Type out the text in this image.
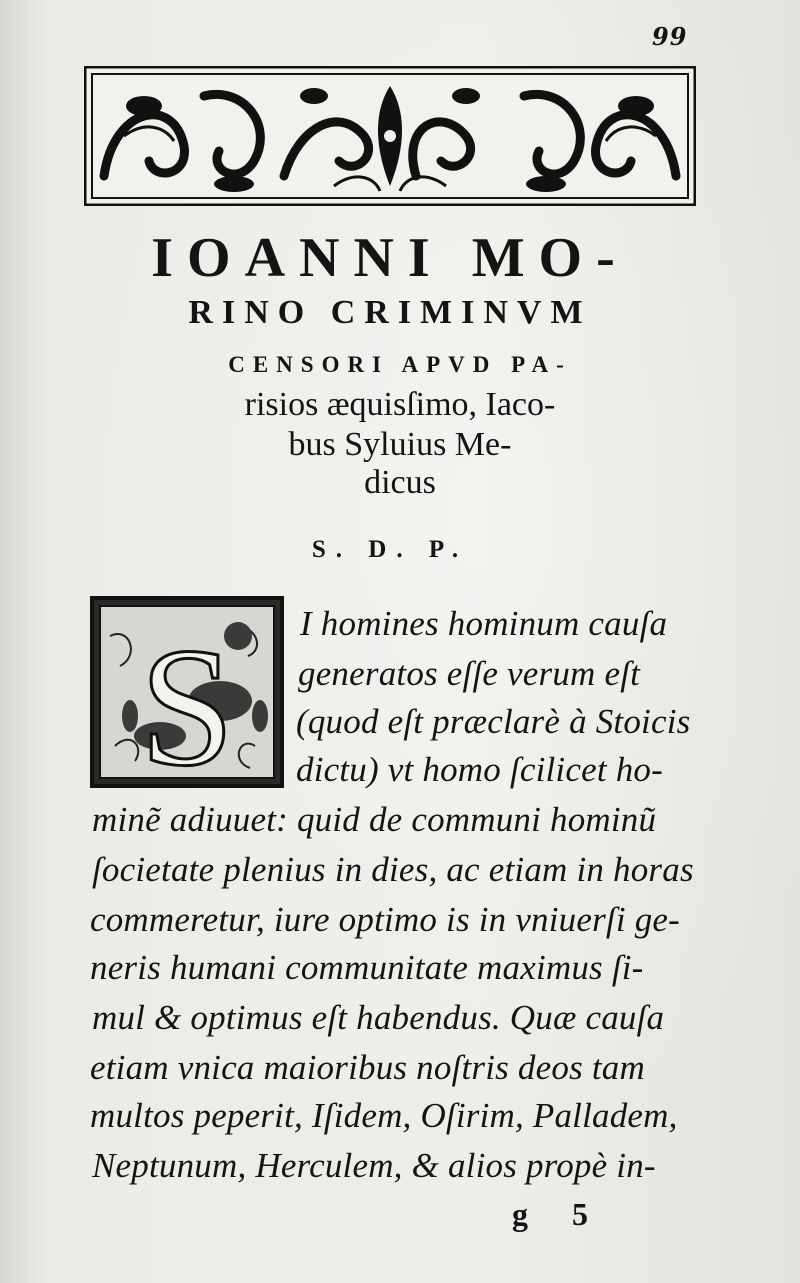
99
IOANNI MO-
RINO CRIMINVM
CENSORI APVD PA-
risios æquisſimo, Iaco-
bus Syluius Me-
dicus
S. D. P.
S I homines hominum cauſa
generatos eſſe verum eſt
(quod eſt præclarè à Stoicis
dictu) vt homo ſcilicet ho-
minẽ adiuuet: quid de communi hominũ
ſocietate plenius in dies, ac etiam in horas
commeretur, iure optimo is in vniuerſi ge-
neris humani communitate maximus ſi-
mul & optimus eſt habendus. Quæ cauſa
etiam vnica maioribus noſtris deos tam
multos peperit, Iſidem, Oſirim, Palladem,
Neptunum, Herculem, & alios propè in-
g 5
